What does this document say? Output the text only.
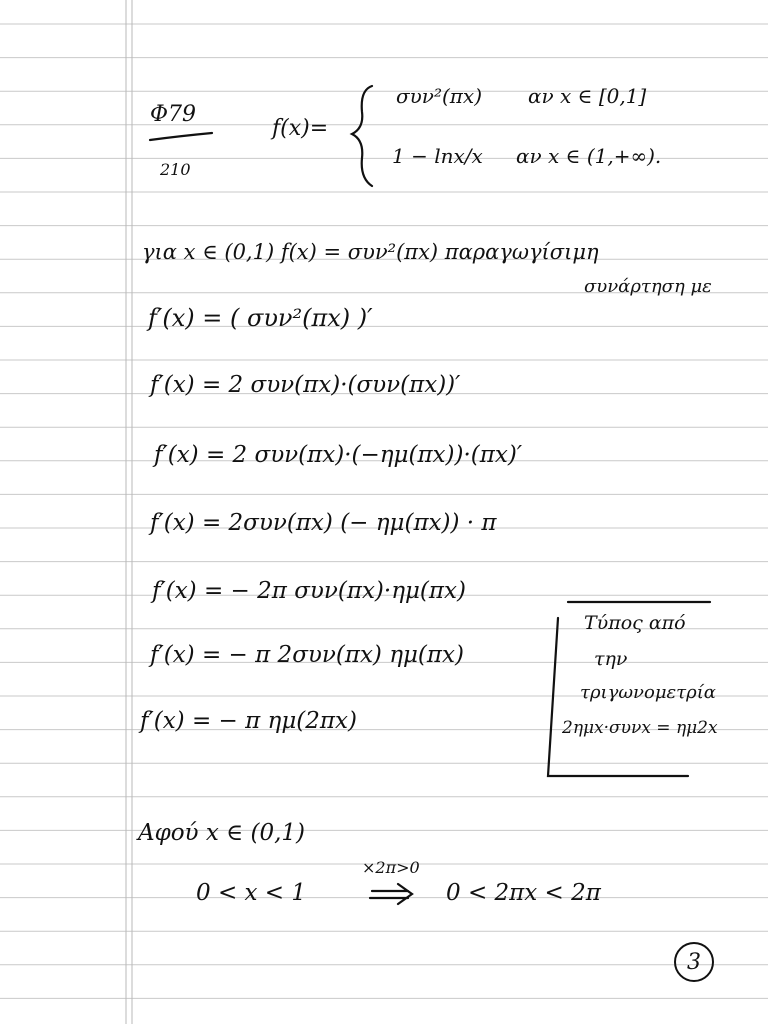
Φ79
210
f(x)=
συν²(πx) αν x ∈ [0,1]
1 − lnx/x αν x ∈ (1,+∞).
για x ∈ (0,1) f(x) = συν²(πx) παραγωγίσιμη
συνάρτηση με
f′(x) = ( συν²(πx) )′
f′(x) = 2 συν(πx)·(συν(πx))′
f′(x) = 2 συν(πx)·(−ημ(πx))·(πx)′
f′(x) = 2συν(πx) (− ημ(πx)) · π
f′(x) = − 2π συν(πx)·ημ(πx)
f′(x) = − π 2συν(πx) ημ(πx)
f′(x) = − π ημ(2πx)
Τύπος από
την
τριγωνομετρία
2ημx·συνx = ημ2x
Αφού x ∈ (0,1)
×2π>0
0 < x < 1	0 < 2πx < 2π
3
